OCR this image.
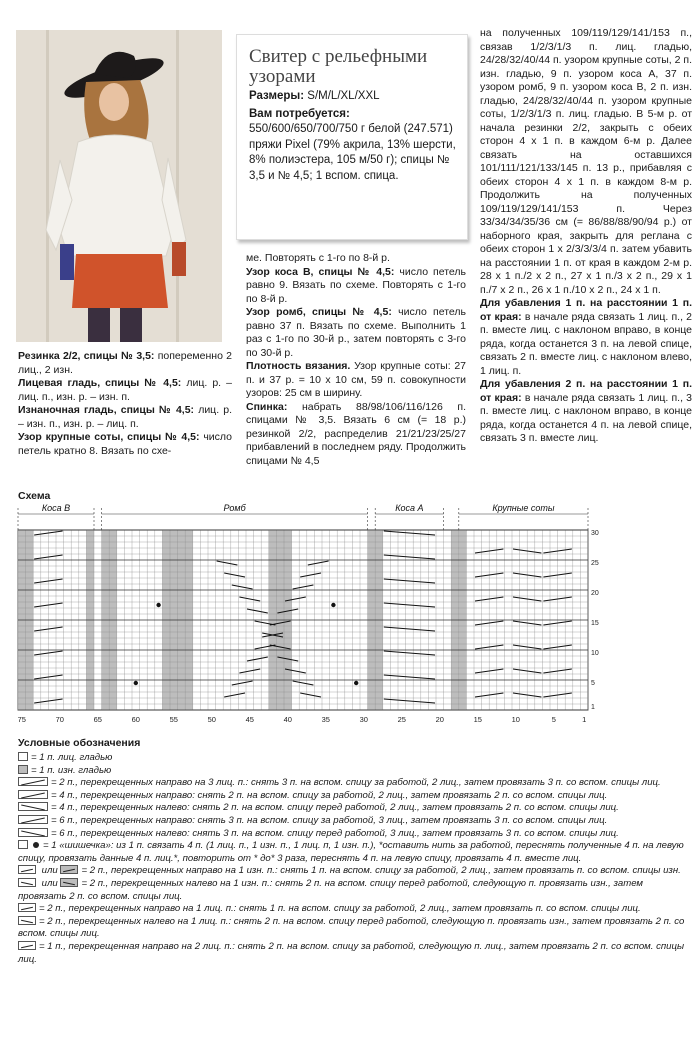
Свитер с рельефными узорами
Размеры: S/M/L/XL/XXL
Вам потребуется: 550/600/650/700/750 г белой (247.571) пряжи Pixel (79% акрила, 13% шерсти, 8% полиэстера, 105 м/50 г); спицы № 3,5 и № 4,5; 1 вспом. спица.

Резинка 2/2, спицы № 3,5: попеременно 2 лиц., 2 изн.

Лицевая гладь, спицы № 4,5: лиц. р. – лиц. п., изн. р. – изн. п.

Изнаночная гладь, спицы № 4,5: лиц. р. – изн. п., изн. р. – лиц. п.

Узор крупные соты, спицы № 4,5: число петель кратно 8. Вязать по схе-

ме. Повторять с 1-го по 8-й р.

Узор коса В, спицы № 4,5: число петель равно 9. Вязать по схеме. Повторять с 1-го по 8-й р.

Узор ромб, спицы № 4,5: число петель равно 37 п. Вязать по схеме. Выполнить 1 раз с 1-го по 30-й р., затем повторять с 3-го по 30-й р.

Плотность вязания. Узор крупные соты: 27 п. и 37 р. = 10 х 10 см, 59 п. совокупности узоров: 25 см в ширину.

Спинка: набрать 88/98/106/116/126 п. спицами № 3,5. Вязать 6 см (= 18 р.) резинкой 2/2, распределив 21/21/23/25/27 прибавлений в последнем ряду. Продолжить спицами № 4,5

на полученных 109/119/129/141/153 п., связав 1/2/3/1/3 п. лиц. гладью, 24/28/32/40/44 п. узором крупные соты, 2 п. изн. гладью, 9 п. узором коса А, 37 п. узором ромб, 9 п. узором коса В, 2 п. изн. гладью, 24/28/32/40/44 п. узором крупные соты, 1/2/3/1/3 п. лиц. гладью. В 5-м р. от начала резинки 2/2, закрыть с обеих сторон 4 х 1 п. в каждом 6-м р. Далее связать на оставшихся 101/111/121/133/145 п. 13 р., прибавляя с обеих сторон 4 х 1 п. в каждом 8-м р. Продолжить на полученных 109/119/129/141/153 п. Через 33/34/34/35/36 см (= 86/88/88/90/94 р.) от наборного края, закрыть для реглана с обеих сторон 1 х 2/3/3/3/4 п. затем убавить на расстоянии 1 п. от края в каждом 2-м р. 28 х 1 п./2 х 2 п., 27 х 1 п./3 х 2 п., 29 х 1 п./7 х 2 п., 26 х 1 п./10 х 2 п., 24 х 1 п.

Для убавления 1 п. на расстоянии 1 п. от края: в начале ряда связать 1 лиц. п., 2 п. вместе лиц. с наклоном вправо, в конце ряда, когда останется 3 п. на левой спице, связать 2 п. вместе лиц. с наклоном влево, 1 лиц. п.

Для убавления 2 п. на расстоянии 1 п. от края: в начале ряда связать 1 лиц. п., 3 п. вместе лиц. с наклоном вправо, в конце ряда, когда останется 4 п. на левой спице, связать 3 п. вместе лиц.

Схема
Коса В	Ромб	Коса А	Крупные соты
75	70	65	60	55	50	45	40	35	30	25	20	15	10	5	1
30
25
20
15
10
5
1
Условные обозначения
= 1 п. лиц. гладью
= 1 п. изн. гладью
= 2 п., перекрещенных направо на 3 лиц. п.: снять 3 п. на вспом. спицу за работой, 2 лиц., затем провязать 3 п. со вспом. спицы лиц.
= 4 п., перекрещенных направо: снять 2 п. на вспом. спицу за работой, 2 лиц., затем провязать 2 п. со вспом. спицы лиц.
= 4 п., перекрещенных налево: снять 2 п. на вспом. спицу перед работой, 2 лиц., затем провязать 2 п. со вспом. спицы лиц.
= 6 п., перекрещенных направо: снять 3 п. на вспом. спицу за работой, 3 лиц., затем провязать 3 п. со вспом. спицы лиц.
= 6 п., перекрещенных налево: снять 3 п. на вспом. спицу перед работой, 3 лиц., затем провязать 3 п. со вспом. спицы лиц.
= 1 «шишечка»: из 1 п. связать 4 п. (1 лиц. п., 1 изн. п., 1 лиц. п, 1 изн. п.), *оставить нить за работой, переснять полученные 4 п. на левую спицу, провязать данные 4 п. лиц.*, повторить от * до* 3 раза, переснять 4 п. на левую спицу, провязать 4 п. вместе лиц.
или = 2 п., перекрещенных направо на 1 изн. п.: снять 1 п. на вспом. спицу за работой, 2 лиц., затем провязать п. со вспом. спицы изн.
или = 2 п., перекрещенных налево на 1 изн. п.: снять 2 п. на вспом. спицу перед работой, следующую п. провязать изн., затем провязать 2 п. со вспом. спицы лиц.
= 2 п., перекрещенных направо на 1 лиц. п.: снять 1 п. на вспом. спицу за работой, 2 лиц., затем провязать п. со вспом. спицы лиц.
= 2 п., перекрещенных налево на 1 лиц. п.: снять 2 п. на вспом. спицу перед работой, следующую п. провязать изн., затем провязать 2 п. со вспом. спицы лиц.
= 1 п., перекрещенная направо на 2 лиц. п.: снять 2 п. на вспом. спицу за работой, следующую п. лиц., затем провязать 2 п. со вспом. спицы лиц.
